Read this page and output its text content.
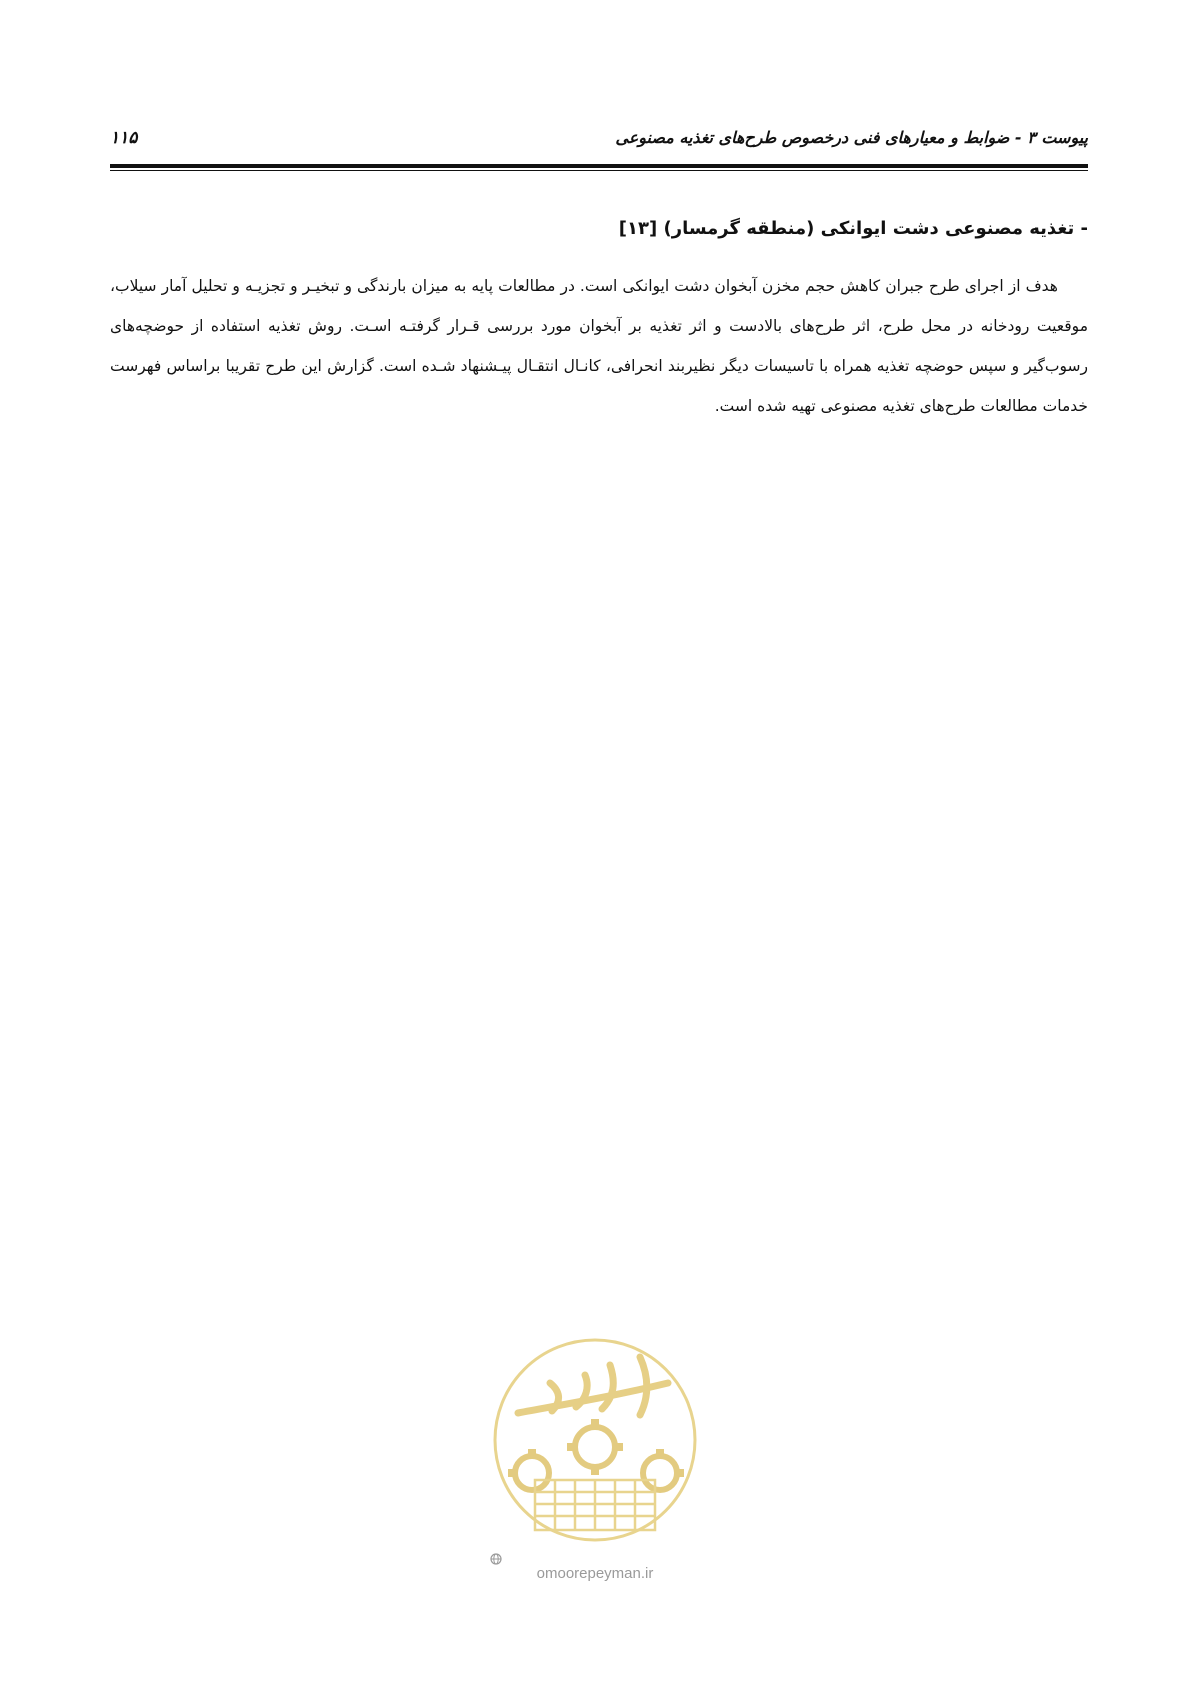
پیوست ۳ - ضوابط و معیارهای فنی درخصوص طرح‌های تغذیه مصنوعی
۱۱۵
- تغذیه مصنوعی دشت ایوانکی (منطقه گرمسار) [۱۳]
هدف از اجرای طرح جبران کاهش حجم مخزن آبخوان دشت ایوانکی است. در مطالعات پایه به میزان بارندگی و تبخیـر و تجزیـه و تحلیل آمار سیلاب، موقعیت رودخانه در محل طرح، اثر طرح‌های بالادست و اثر تغذیه بر آبخوان مورد بررسی قـرار گرفتـه اسـت. روش تغذیه استفاده از حوضچه‌های رسوب‌گیر و سپس حوضچه تغذیه همراه با تاسیسات دیگر نظیربند انحرافی، کانـال انتقـال پیـشنهاد شـده است. گزارش این طرح تقریبا براساس فهرست خدمات مطالعات طرح‌های تغذیه مصنوعی تهیه شده است.
omoorepeyman.ir
